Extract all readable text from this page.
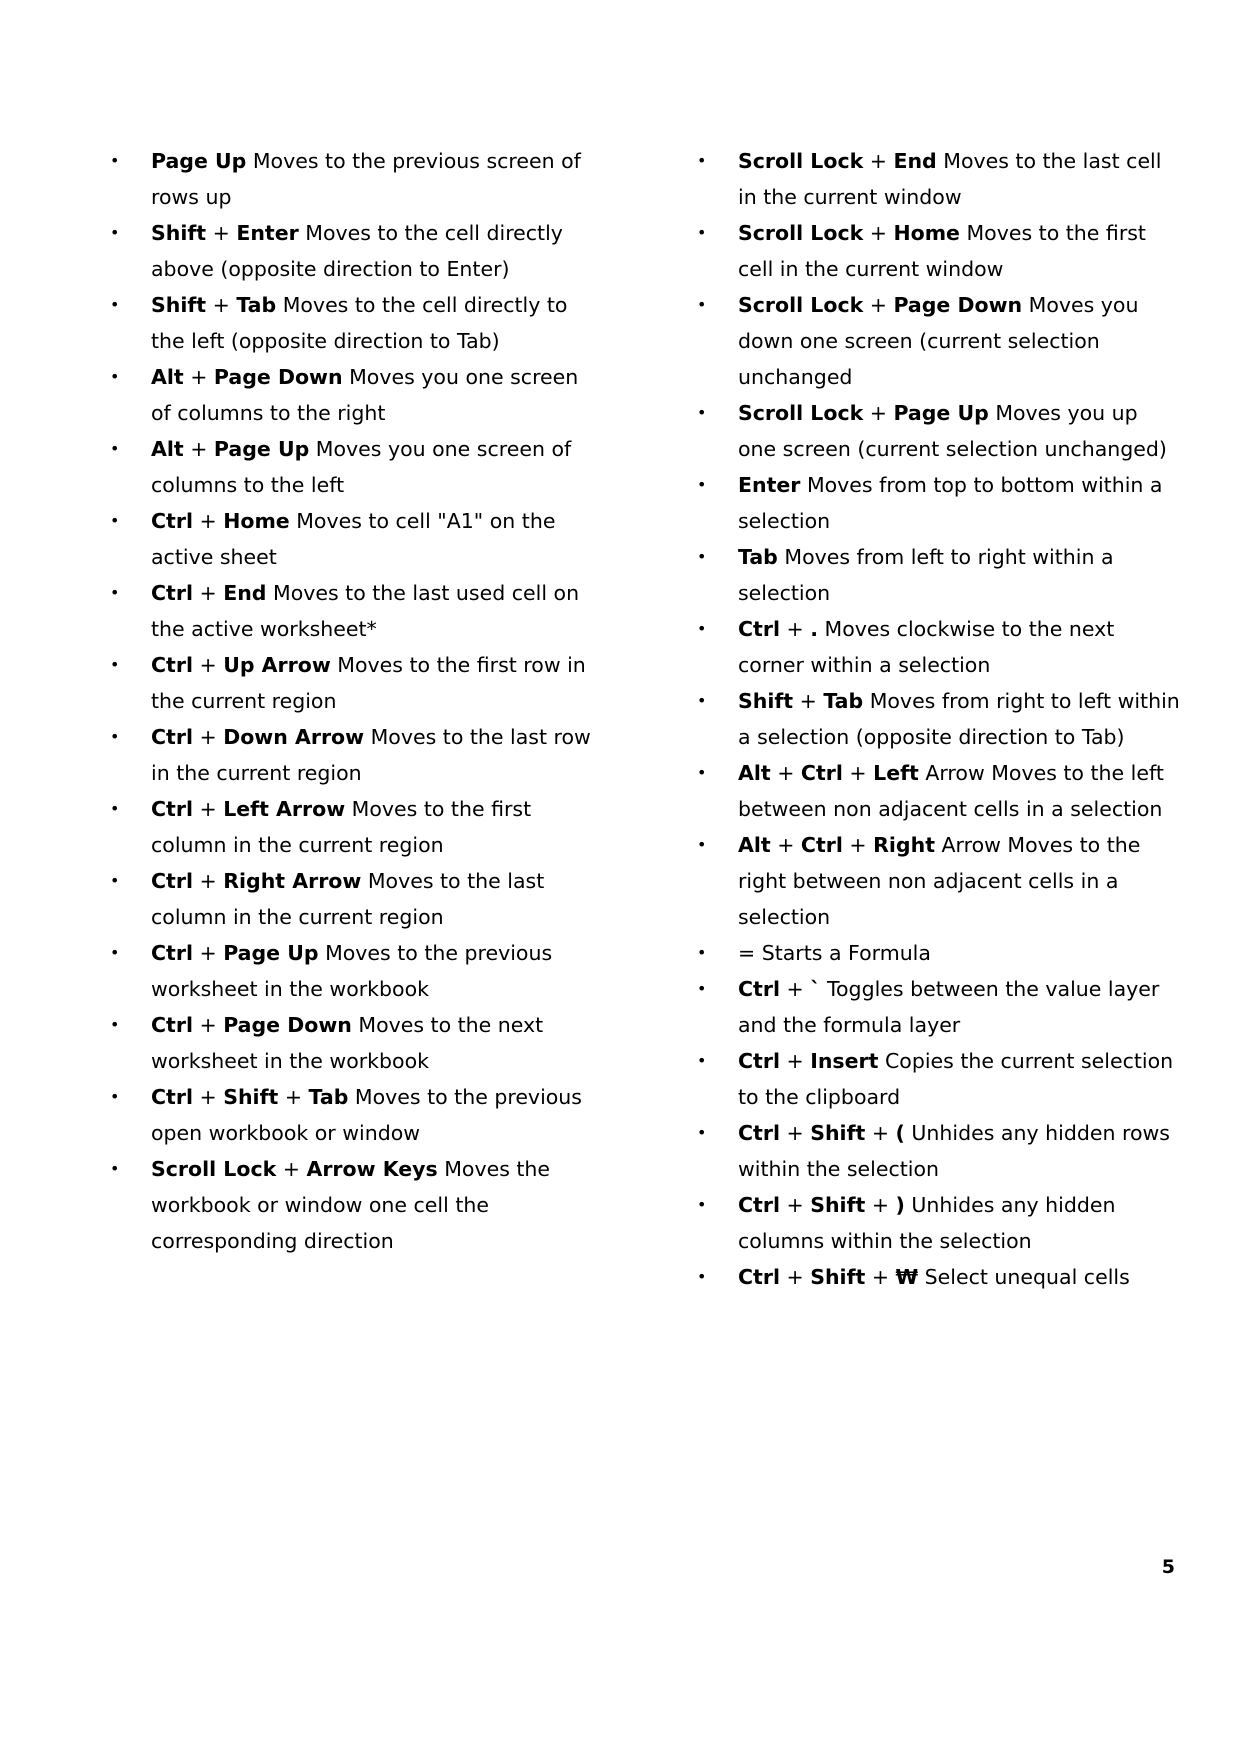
•	Page Up Moves to the previous screen of rows up
•	Shift + Enter Moves to the cell directly above (opposite direction to Enter)
•	Shift + Tab Moves to the cell directly to the left (opposite direction to Tab)
•	Alt + Page Down Moves you one screen of columns to the right
•	Alt + Page Up Moves you one screen of columns to the left
•	Ctrl + Home Moves to cell "A1" on the active sheet
•	Ctrl + End Moves to the last used cell on the active worksheet*
•	Ctrl + Up Arrow Moves to the first row in the current region
•	Ctrl + Down Arrow Moves to the last row in the current region
•	Ctrl + Left Arrow Moves to the first column in the current region
•	Ctrl + Right Arrow Moves to the last column in the current region
•	Ctrl + Page Up Moves to the previous worksheet in the workbook
•	Ctrl + Page Down Moves to the next worksheet in the workbook
•	Ctrl + Shift + Tab Moves to the previous open workbook or window
•	Scroll Lock + Arrow Keys Moves the workbook or window one cell the corresponding direction
•	Scroll Lock + End Moves to the last cell in the current window
•	Scroll Lock + Home Moves to the first cell in the current window
•	Scroll Lock + Page Down Moves you down one screen (current selection unchanged
•	Scroll Lock + Page Up Moves you up one screen (current selection unchanged)
•	Enter Moves from top to bottom within a selection
•	Tab Moves from left to right within a selection
•	Ctrl + . Moves clockwise to the next corner within a selection
•	Shift + Tab Moves from right to left within a selection (opposite direction to Tab)
•	Alt + Ctrl + Left Arrow Moves to the left between non adjacent cells in a selection
•	Alt + Ctrl + Right Arrow Moves to the right between non adjacent cells in a selection
•	= Starts a Formula
•	Ctrl + ` Toggles between the value layer and the formula layer
•	Ctrl + Insert Copies the current selection to the clipboard
•	Ctrl + Shift + ( Unhides any hidden rows within the selection
•	Ctrl + Shift + ) Unhides any hidden columns within the selection
•	Ctrl + Shift + ₩ Select unequal cells
5
